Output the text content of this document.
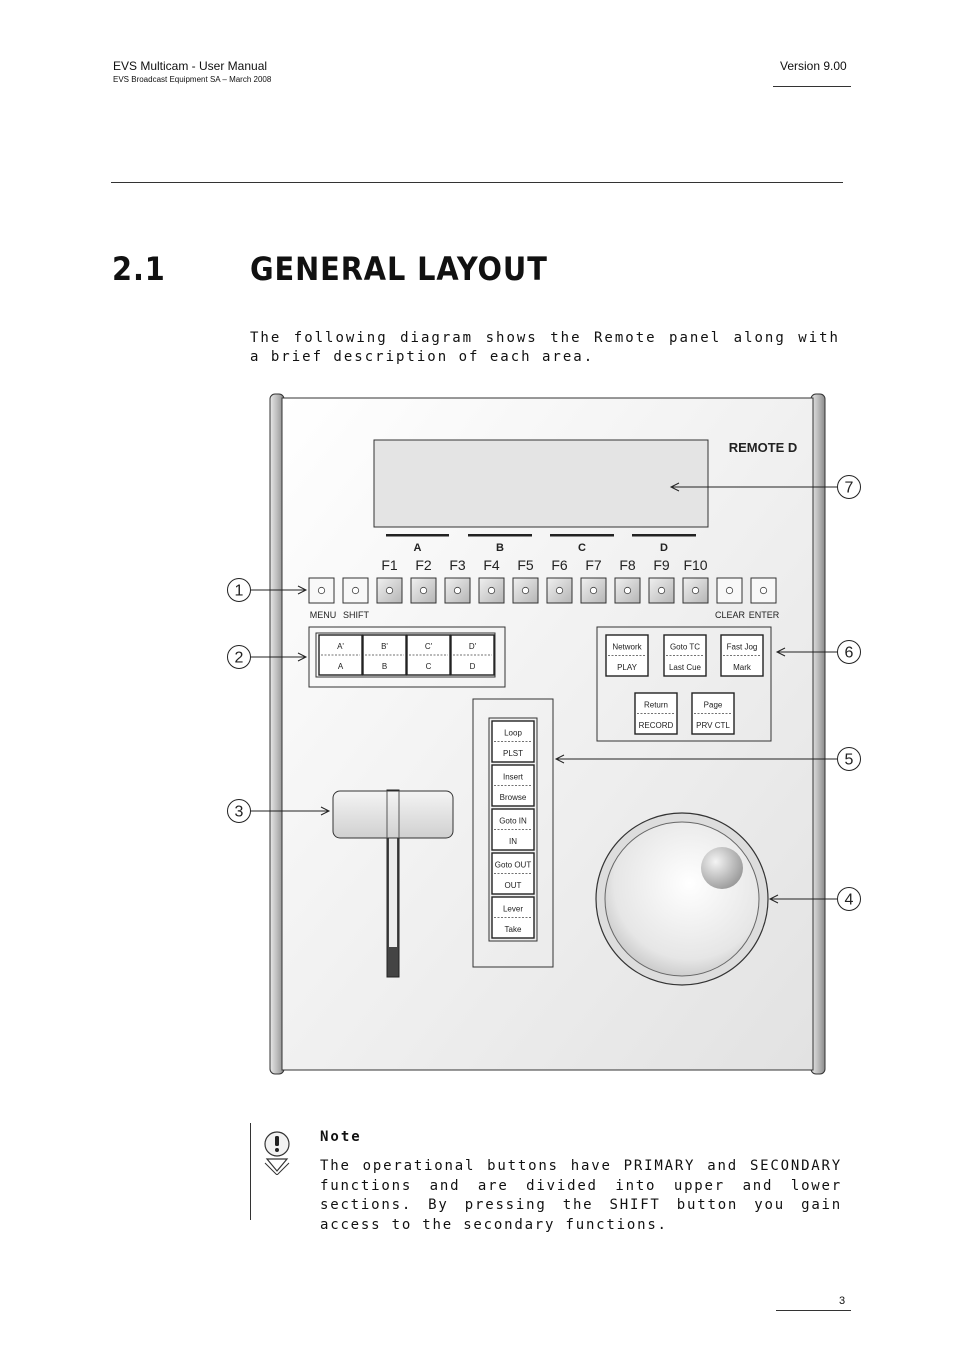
EVS Multicam - User Manual
EVS Broadcast Equipment SA – March 2008
Version 9.00
2.1	GENERAL LAYOUT
The following diagram shows the Remote panel along with a brief description of each area.
REMOTE D
A	B	C	D
F1 F2 F3 F4 F5 F6 F7 F8 F9 F10
MENU SHIFT	CLEAR ENTER
A'
A
B'
B
C'
C
D'
D
Network
PLAY
Goto TC
Last Cue
Fast Jog
Mark
Return
RECORD
Page
PRV CTL
Loop
PLST
Insert
Browse
Goto IN
IN
Goto OUT
OUT
Lever
Take
1
2
3
4
5
6
7
Note
The operational buttons have PRIMARY and SECONDARY functions and are divided into upper and lower sections. By pressing the SHIFT button you gain access to the secondary functions.
3
